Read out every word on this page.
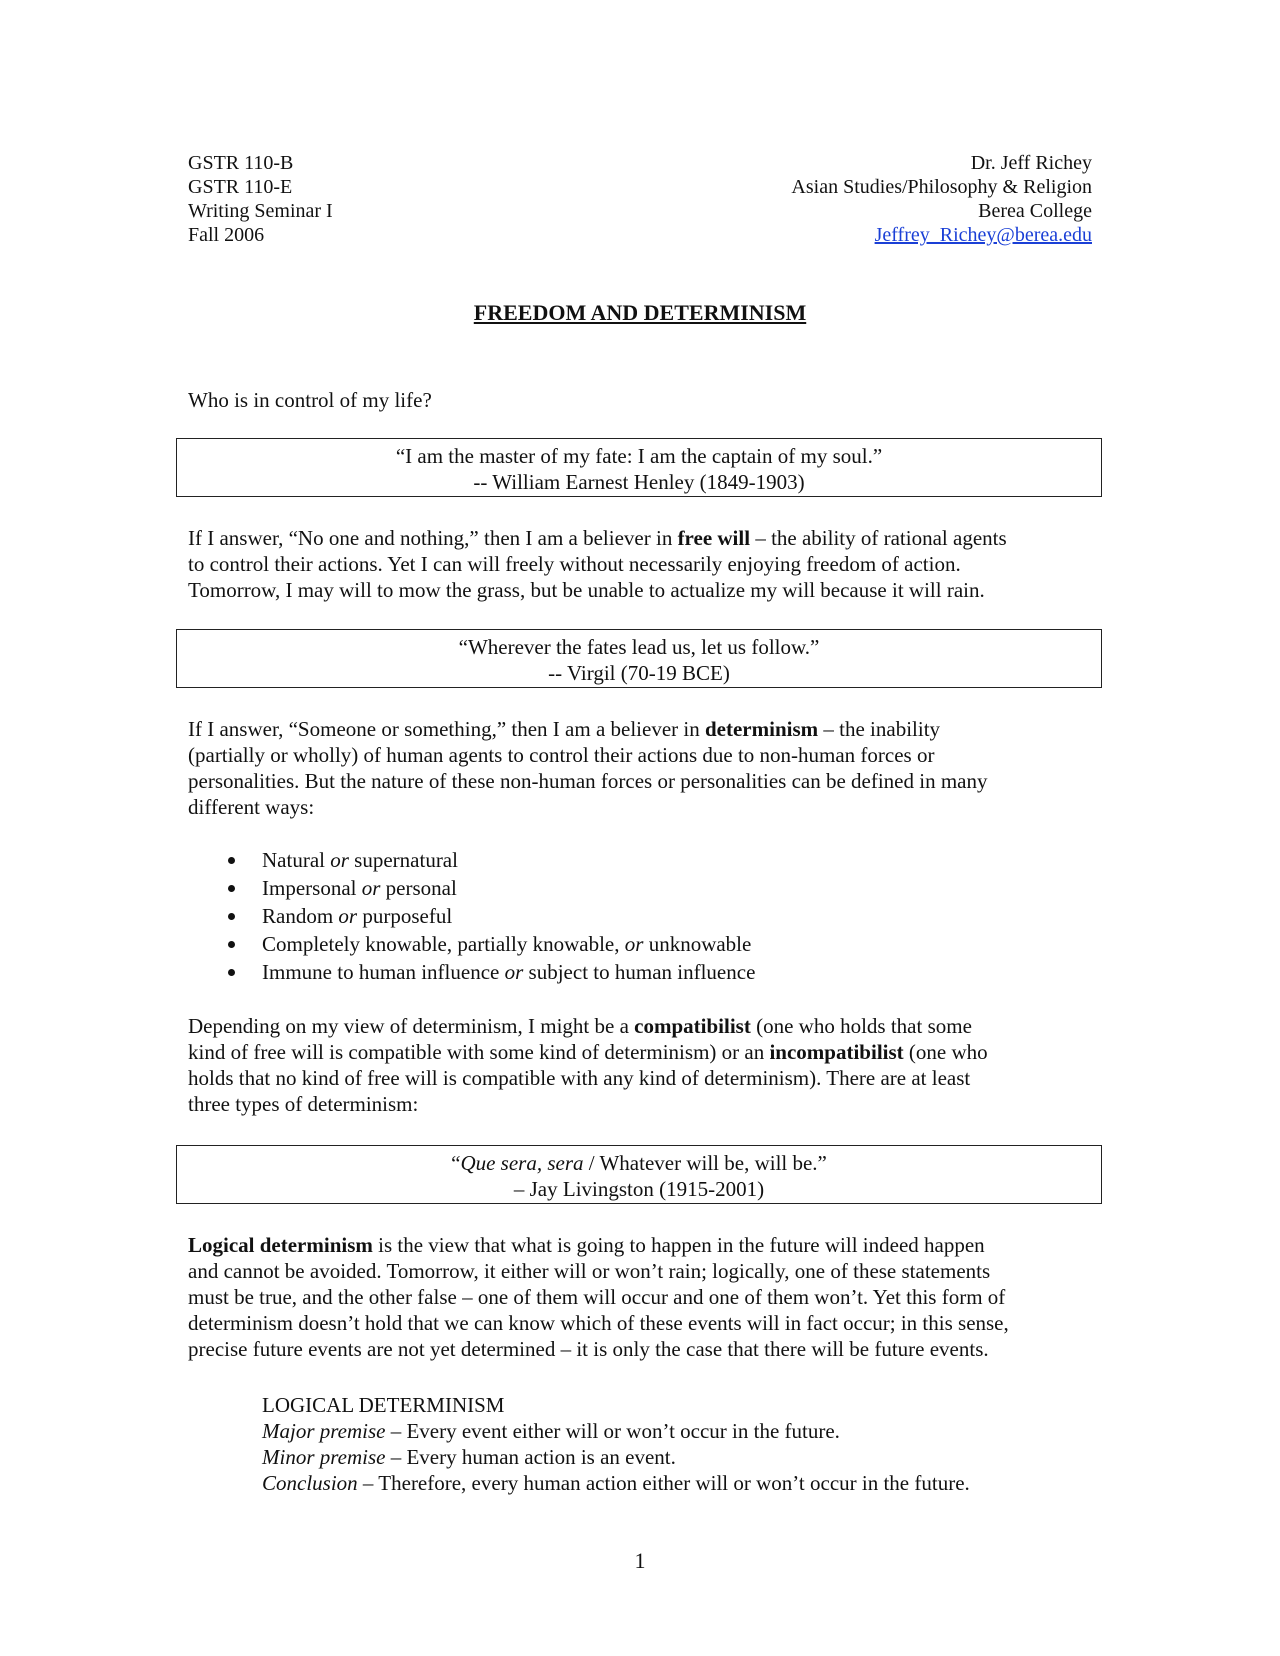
GSTR 110-B
GSTR 110-E
Writing Seminar I
Fall 2006
Dr. Jeff Richey
Asian Studies/Philosophy & Religion
Berea College
Jeffrey_Richey@berea.edu
FREEDOM AND DETERMINISM

Who is in control of my life?

“I am the master of my fate: I am the captain of my soul.”
-- William Earnest Henley (1849-1903)

If I answer, “No one and nothing,” then I am a believer in free will – the ability of rational agents

to control their actions. Yet I can will freely without necessarily enjoying freedom of action.

Tomorrow, I may will to mow the grass, but be unable to actualize my will because it will rain.

“Wherever the fates lead us, let us follow.”
-- Virgil (70-19 BCE)

If I answer, “Someone or something,” then I am a believer in determinism – the inability

(partially or wholly) of human agents to control their actions due to non-human forces or

personalities. But the nature of these non-human forces or personalities can be defined in many

different ways:

Natural or supernatural
Impersonal or personal
Random or purposeful
Completely knowable, partially knowable, or unknowable
Immune to human influence or subject to human influence

Depending on my view of determinism, I might be a compatibilist (one who holds that some

kind of free will is compatible with some kind of determinism) or an incompatibilist (one who

holds that no kind of free will is compatible with any kind of determinism). There are at least

three types of determinism:

“Que sera, sera / Whatever will be, will be.”
– Jay Livingston (1915-2001)

Logical determinism is the view that what is going to happen in the future will indeed happen

and cannot be avoided. Tomorrow, it either will or won’t rain; logically, one of these statements

must be true, and the other false – one of them will occur and one of them won’t. Yet this form of

determinism doesn’t hold that we can know which of these events will in fact occur; in this sense,

precise future events are not yet determined – it is only the case that there will be future events.

LOGICAL DETERMINISM
Major premise – Every event either will or won’t occur in the future.
Minor premise – Every human action is an event.
Conclusion – Therefore, every human action either will or won’t occur in the future.
1
